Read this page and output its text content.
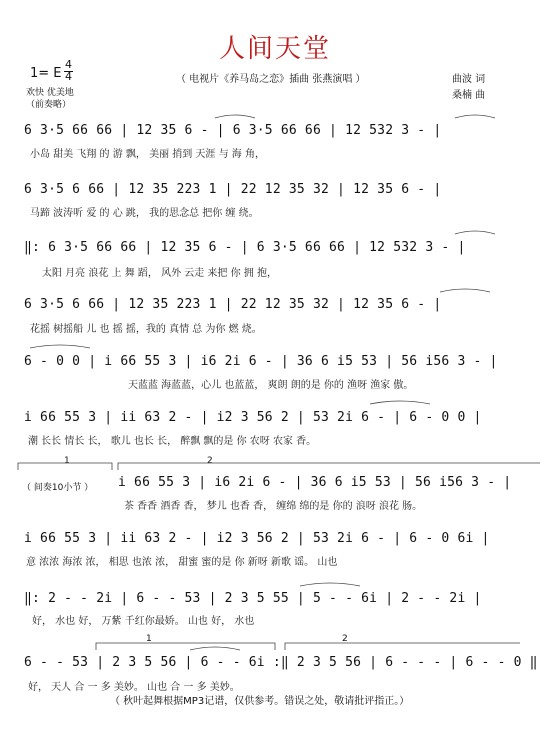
人间天堂
1= E
4
4
欢快 优美地
（前奏略）
（ 电视片《养马岛之恋》插曲 张燕演唱 ）	曲波 词
桑楠 曲
6 3·5 66 66 | 12 35 6 - | 6 3·5 66 66 | 12 532 3 - |
小岛 甜美 飞翔 的 游 飘， 美丽 捎到 天涯 与 海 角，
6 3·5 6 66 | 12 35 223 1 | 22 12 35 32 | 12 35 6 - |
马蹄 波涛听 爱 的 心 跳， 我的思念总 把你 缠 绕。
‖: 6 3·5 66 66 | 12 35 6 - | 6 3·5 66 66 | 12 532 3 - |
太阳 月亮 浪花 上 舞 蹈， 风外 云走 来把 你 拥 抱，
6 3·5 6 66 | 12 35 223 1 | 22 12 35 32 | 12 35 6 - |
花摇 树摇船 儿 也 摇 摇，我的 真情 总 为你 燃 烧。
6 - 0 0 | i 66 55 3 | i6 2i 6 - | 36 6 i5 53 | 56 i56 3 - |
天蓝蓝 海蓝蓝，心儿 也蓝蓝， 爽朗 朗的是 你的 渔呀 渔家 傲。
i 66 55 3 | ii 63 2 - | i2 3 56 2 | 53 2i 6 - | 6 - 0 0 |
潮 长长 情长 长， 歌儿 也长 长， 醉飘 飘的是 你 农呀 农家 香。
（ 间奏10小节 ）
1	2
i 66 55 3 | i6 2i 6 - | 36 6 i5 53 | 56 i56 3 - |
茶 香香 酒香 香， 梦儿 也香 香， 缠绵 绵的是 你的 浪呀 浪花 肠。
i 66 55 3 | ii 63 2 - | i2 3 56 2 | 53 2i 6 - | 6 - 0 6i |
意 浓浓 海浓 浓， 相思 也浓 浓， 甜蜜 蜜的是 你 新呀 新歌 谣。 山也
‖: 2 - - 2i | 6 - - 53 | 2 3 5 55 | 5 - - 6i | 2 - - 2i |
好， 水也 好， 万紫 千红你最娇。 山也 好， 水也
1	2
6 - - 53 | 2 3 5 56 | 6 - - 6i :‖ 2 3 5 56 | 6 - - - | 6 - - 0 ‖
好， 天人 合 一 多 美妙。 山也 合 一 多 美妙。
（ 秋叶起舞根据MP3记谱，仅供参考。错误之处，敬请批评指正。）
